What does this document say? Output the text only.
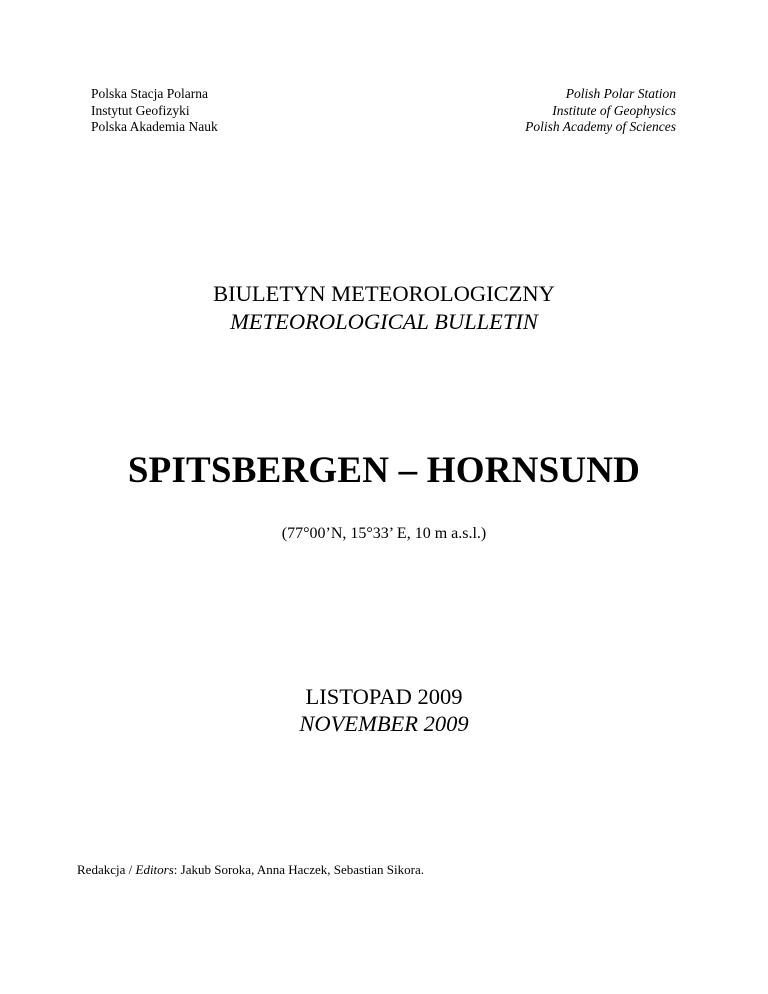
Polska Stacja Polarna
Instytut Geofizyki
Polska Akademia Nauk
Polish Polar Station
Institute of Geophysics
Polish Academy of Sciences
BIULETYN METEOROLOGICZNY
METEOROLOGICAL BULLETIN
SPITSBERGEN – HORNSUND
(77°00’N, 15°33’ E, 10 m a.s.l.)
LISTOPAD 2009
NOVEMBER 2009
Redakcja / Editors: Jakub Soroka, Anna Haczek, Sebastian Sikora.
